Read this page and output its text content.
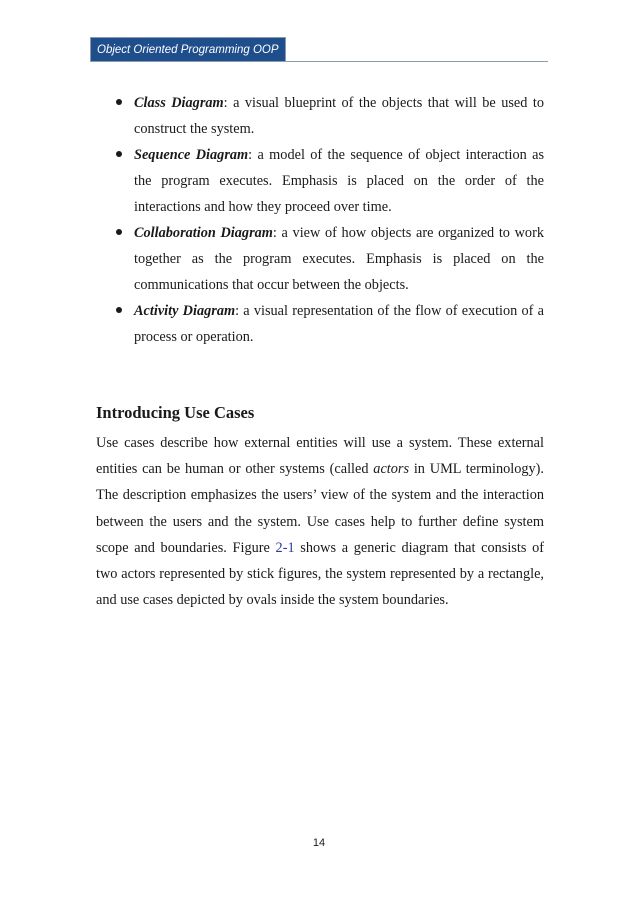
Object Oriented Programming OOP
Class Diagram: a visual blueprint of the objects that will be used to construct the system.
Sequence Diagram: a model of the sequence of object interaction as the program executes. Emphasis is placed on the order of the interactions and how they proceed over time.
Collaboration Diagram: a view of how objects are organized to work together as the program executes. Emphasis is placed on the communications that occur between the objects.
Activity Diagram: a visual representation of the flow of execution of a process or operation.
Introducing Use Cases

Use cases describe how external entities will use a system. These external entities can be human or other systems (called actors in UML terminology). The description emphasizes the users’ view of the system and the interaction between the users and the system. Use cases help to further define system scope and boundaries. Figure 2-1 shows a generic diagram that consists of two actors represented by stick figures, the system represented by a rectangle, and use cases depicted by ovals inside the system boundaries.

14
